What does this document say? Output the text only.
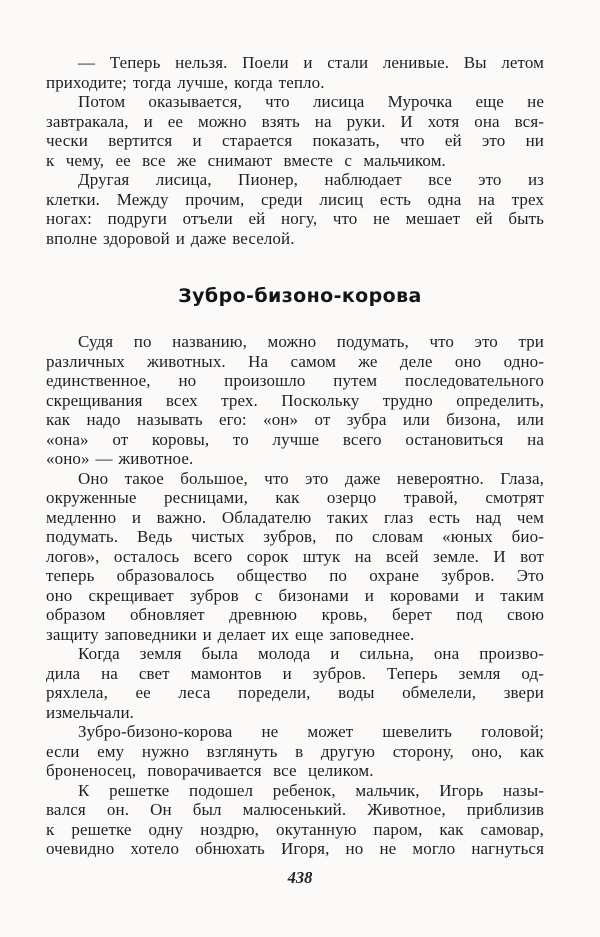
— Теперь нельзя. Поели и стали ленивые. Вы летом
приходите; тогда лучше, когда тепло.
Потом оказывается, что лисица Мурочка еще не
завтракала, и ее можно взять на руки. И хотя она вся-
чески вертится и старается показать, что ей это ни
к чему, ее все же снимают вместе с мальчиком.
Другая лисица, Пионер, наблюдает все это из
клетки. Между прочим, среди лисиц есть одна на трех
ногах: подруги отъели ей ногу, что не мешает ей быть
вполне здоровой и даже веселой.
Зубро-бизоно-корова
Судя по названию, можно подумать, что это три
различных животных. На самом же деле оно одно-
единственное, но произошло путем последовательного
скрещивания всех трех. Поскольку трудно определить,
как надо называть его: «он» от зубра или бизона, или
«она» от коровы, то лучше всего остановиться на
«оно» — животное.
Оно такое большое, что это даже невероятно. Глаза,
окруженные ресницами, как озерцо травой, смотрят
медленно и важно. Обладателю таких глаз есть над чем
подумать. Ведь чистых зубров, по словам «юных био-
логов», осталось всего сорок штук на всей земле. И вот
теперь образовалось общество по охране зубров. Это
оно скрещивает зубров с бизонами и коровами и таким
образом обновляет древнюю кровь, берет под свою
защиту заповедники и делает их еще заповеднее.
Когда земля была молода и сильна, она произво-
дила на свет мамонтов и зубров. Теперь земля од-
ряхлела, ее леса поредели, воды обмелели, звери
измельчали.
Зубро-бизоно-корова не может шевелить головой;
если ему нужно взглянуть в другую сторону, оно, как
броненосец, поворачивается все целиком.
К решетке подошел ребенок, мальчик, Игорь назы-
вался он. Он был малюсенький. Животное, приблизив
к решетке одну ноздрю, окутанную паром, как самовар,
очевидно хотело обнюхать Игоря, но не могло нагнуться
438
